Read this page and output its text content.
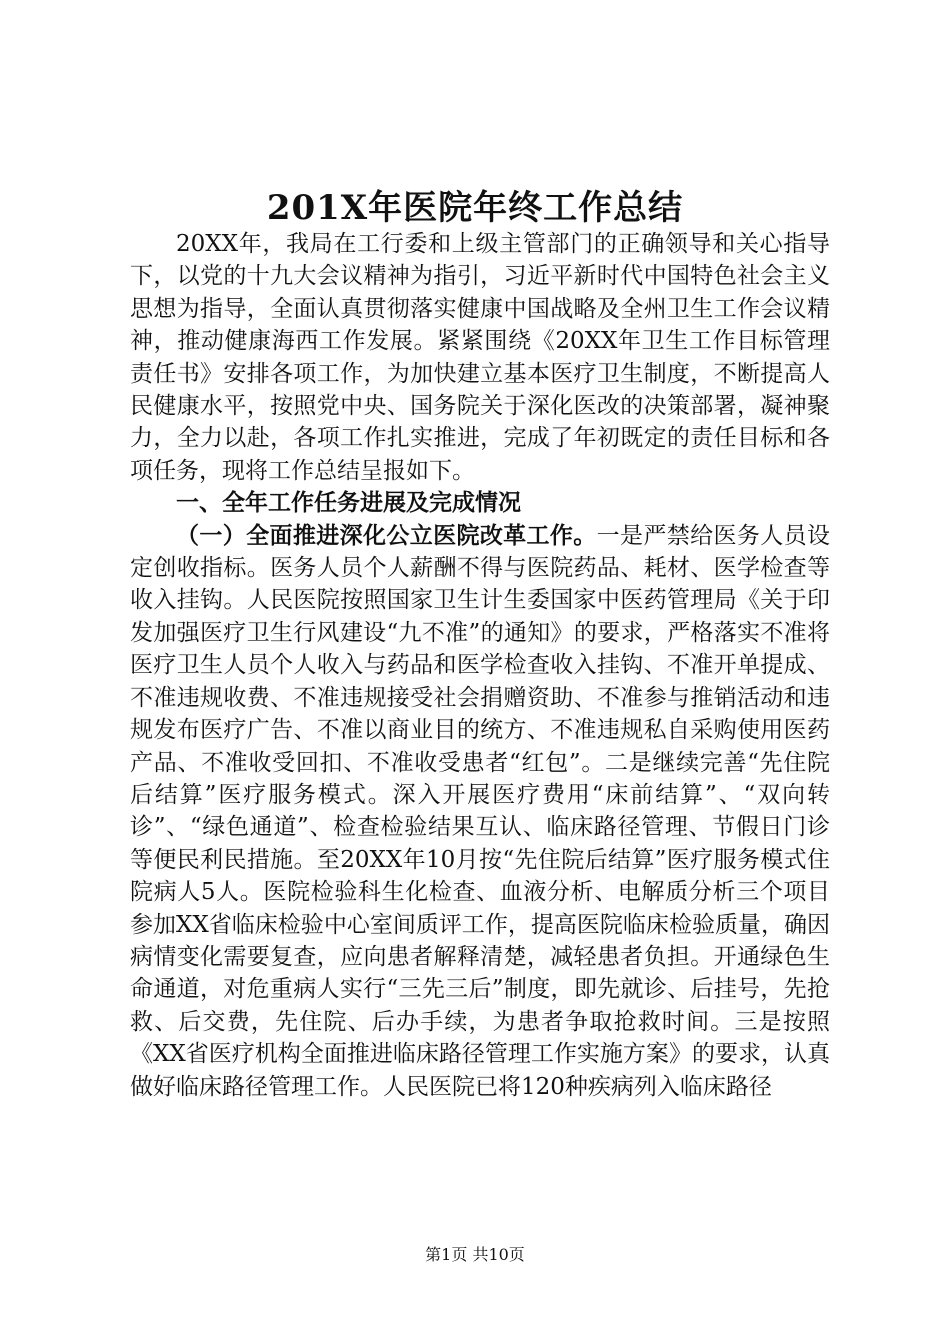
201X年医院年终工作总结

20XX年，我局在工行委和上级主管部门的正确领导和关心指导下，以党的十九大会议精神为指引，习近平新时代中国特色社会主义思想为指导，全面认真贯彻落实健康中国战略及全州卫生工作会议精神，推动健康海西工作发展。紧紧围绕《20XX年卫生工作目标管理责任书》安排各项工作，为加快建立基本医疗卫生制度，不断提高人民健康水平，按照党中央、国务院关于深化医改的决策部署，凝神聚力，全力以赴，各项工作扎实推进，完成了年初既定的责任目标和各项任务，现将工作总结呈报如下。

一、全年工作任务进展及完成情况

（一）全面推进深化公立医院改革工作。一是严禁给医务人员设定创收指标。医务人员个人薪酬不得与医院药品、耗材、医学检查等收入挂钩。人民医院按照国家卫生计生委国家中医药管理局《关于印发加强医疗卫生行风建设“九不准”的通知》的要求，严格落实不准将医疗卫生人员个人收入与药品和医学检查收入挂钩、不准开单提成、不准违规收费、不准违规接受社会捐赠资助、不准参与推销活动和违规发布医疗广告、不准以商业目的统方、不准违规私自采购使用医药产品、不准收受回扣、不准收受患者“红包”。二是继续完善“先住院后结算”医疗服务模式。深入开展医疗费用“床前结算”、“双向转诊”、“绿色通道”、检查检验结果互认、临床路径管理、节假日门诊等便民利民措施。至20XX年10月按“先住院后结算”医疗服务模式住院病人5人。医院检验科生化检查、血液分析、电解质分析三个项目参加XX省临床检验中心室间质评工作，提高医院临床检验质量，确因病情变化需要复查，应向患者解释清楚，减轻患者负担。开通绿色生命通道，对危重病人实行“三先三后”制度，即先就诊、后挂号，先抢救、后交费，先住院、后办手续，为患者争取抢救时间。三是按照《XX省医疗机构全面推进临床路径管理工作实施方案》的要求，认真做好临床路径管理工作。人民医院已将120种疾病列入临床路径

第1页 共10页
